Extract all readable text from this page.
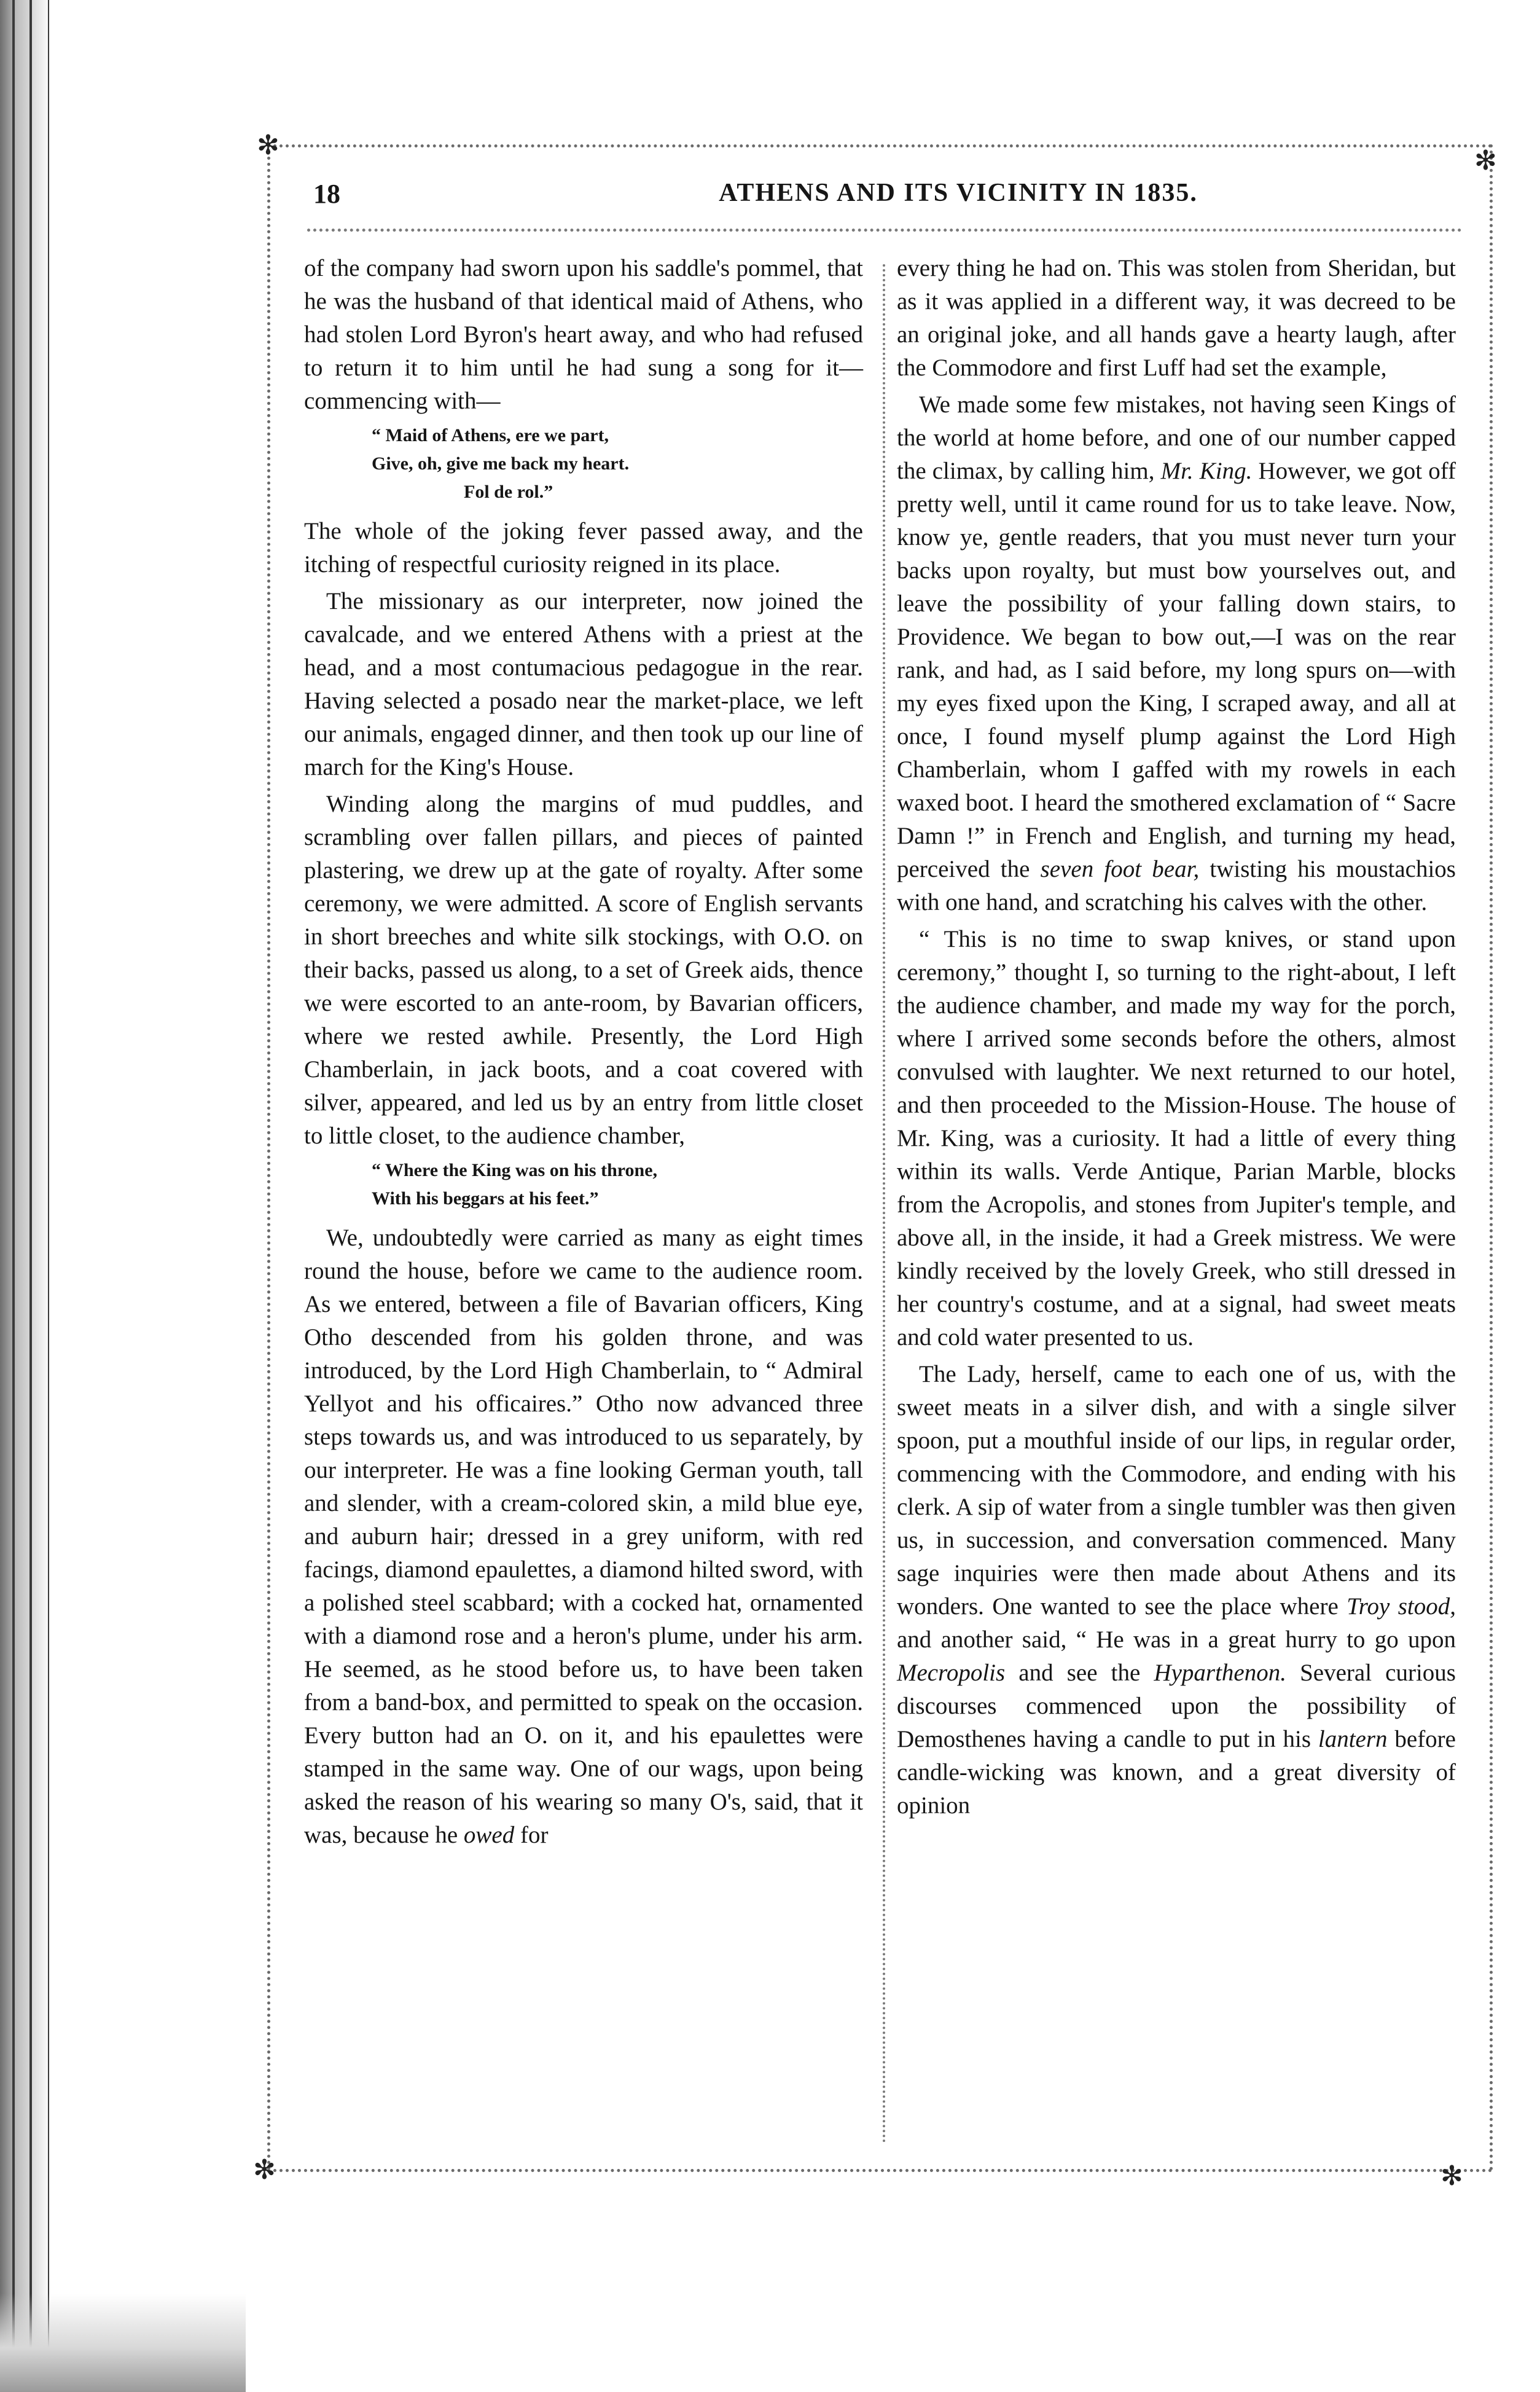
✻
✻
✻	✻
18	ATHENS AND ITS VICINITY IN 1835.

of the company had sworn upon his saddle's pommel, that he was the husband of that identical maid of Athens, who had stolen Lord Byron's heart away, and who had refused to return it to him until he had sung a song for it—commencing with—

“ Maid of Athens, ere we part,
Give, oh, give me back my heart.
Fol de rol.”

The whole of the joking fever passed away, and the itching of respectful curiosity reigned in its place.

The missionary as our interpreter, now joined the cavalcade, and we entered Athens with a priest at the head, and a most contumacious pedagogue in the rear. Having selected a posado near the market-place, we left our animals, engaged dinner, and then took up our line of march for the King's House.

Winding along the margins of mud puddles, and scrambling over fallen pillars, and pieces of painted plastering, we drew up at the gate of royalty. After some ceremony, we were admitted. A score of English servants in short breeches and white silk stockings, with O.O. on their backs, passed us along, to a set of Greek aids, thence we were escorted to an ante-room, by Bavarian officers, where we rested awhile. Presently, the Lord High Chamberlain, in jack boots, and a coat covered with silver, appeared, and led us by an entry from little closet to little closet, to the audience chamber,

“ Where the King was on his throne,
With his beggars at his feet.”

We, undoubtedly were carried as many as eight times round the house, before we came to the audience room. As we entered, between a file of Bavarian officers, King Otho descended from his golden throne, and was introduced, by the Lord High Chamberlain, to “ Admiral Yellyot and his officaires.” Otho now advanced three steps towards us, and was introduced to us separately, by our interpreter. He was a fine looking German youth, tall and slender, with a cream-colored skin, a mild blue eye, and auburn hair; dressed in a grey uniform, with red facings, diamond epaulettes, a diamond hilted sword, with a polished steel scabbard; with a cocked hat, ornamented with a diamond rose and a heron's plume, under his arm. He seemed, as he stood before us, to have been taken from a band-box, and permitted to speak on the occasion. Every button had an O. on it, and his epaulettes were stamped in the same way. One of our wags, upon being asked the reason of his wearing so many O's, said, that it was, because he owed for

every thing he had on. This was stolen from Sheridan, but as it was applied in a different way, it was decreed to be an original joke, and all hands gave a hearty laugh, after the Commodore and first Luff had set the example,

We made some few mistakes, not having seen Kings of the world at home before, and one of our number capped the climax, by calling him, Mr. King. However, we got off pretty well, until it came round for us to take leave. Now, know ye, gentle readers, that you must never turn your backs upon royalty, but must bow yourselves out, and leave the possibility of your falling down stairs, to Providence. We began to bow out,—I was on the rear rank, and had, as I said before, my long spurs on—with my eyes fixed upon the King, I scraped away, and all at once, I found myself plump against the Lord High Chamberlain, whom I gaffed with my rowels in each waxed boot. I heard the smothered exclamation of “ Sacre Damn !” in French and English, and turning my head, perceived the seven foot bear, twisting his moustachios with one hand, and scratching his calves with the other.

“ This is no time to swap knives, or stand upon ceremony,” thought I, so turning to the right-about, I left the audience chamber, and made my way for the porch, where I arrived some seconds before the others, almost convulsed with laughter. We next returned to our hotel, and then proceeded to the Mission-House. The house of Mr. King, was a curiosity. It had a little of every thing within its walls. Verde Antique, Parian Marble, blocks from the Acropolis, and stones from Jupiter's temple, and above all, in the inside, it had a Greek mistress. We were kindly received by the lovely Greek, who still dressed in her country's costume, and at a signal, had sweet meats and cold water presented to us.

The Lady, herself, came to each one of us, with the sweet meats in a silver dish, and with a single silver spoon, put a mouthful inside of our lips, in regular order, commencing with the Commodore, and ending with his clerk. A sip of water from a single tumbler was then given us, in succession, and conversation commenced. Many sage inquiries were then made about Athens and its wonders. One wanted to see the place where Troy stood, and another said, “ He was in a great hurry to go upon Mecropolis and see the Hyparthenon. Several curious discourses commenced upon the possibility of Demosthenes having a candle to put in his lantern before candle-wicking was known, and a great diversity of opinion
